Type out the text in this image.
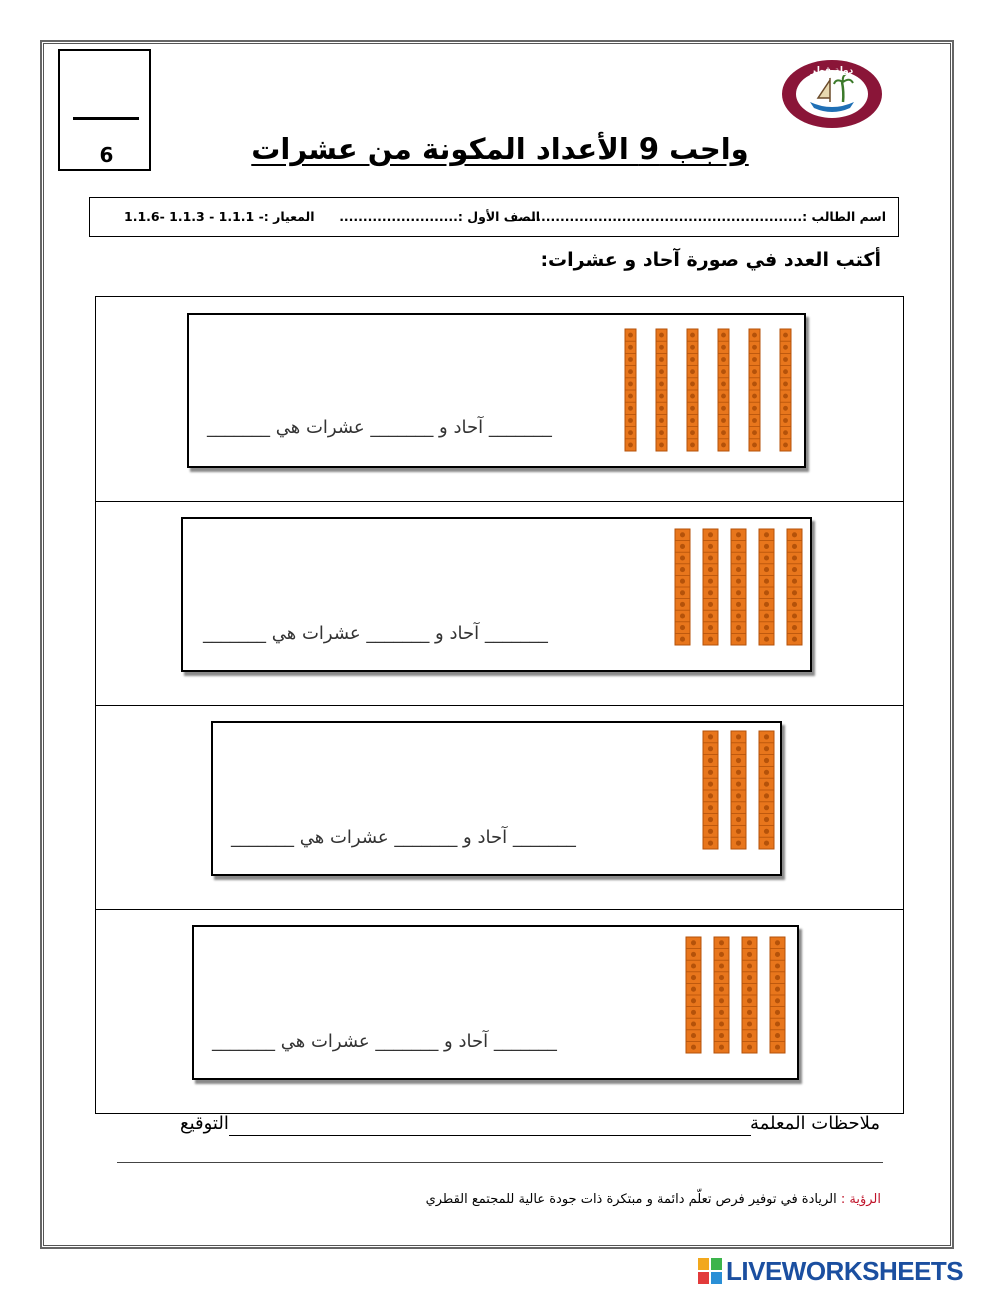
6
دولة قطر
واجب 9 الأعداد المكونة من عشرات
اسم الطالب :.............................................................
الصف الأول :.........................
المعيار :- 1.1.1 - 1.1.3 -1.1.6
أكتب العدد في صورة آحاد و عشرات:
_______ آحاد و _______ عشرات هي _______
_______ آحاد و _______ عشرات هي _______
_______ آحاد و _______ عشرات هي _______
_______ آحاد و _______ عشرات هي _______
ملاحظات المعلمة
التوقيع
الرؤية : الريادة في توفير فرص تعلّم دائمة و مبتكرة ذات جودة عالية للمجتمع القطري
LIVEWORKSHEETS
